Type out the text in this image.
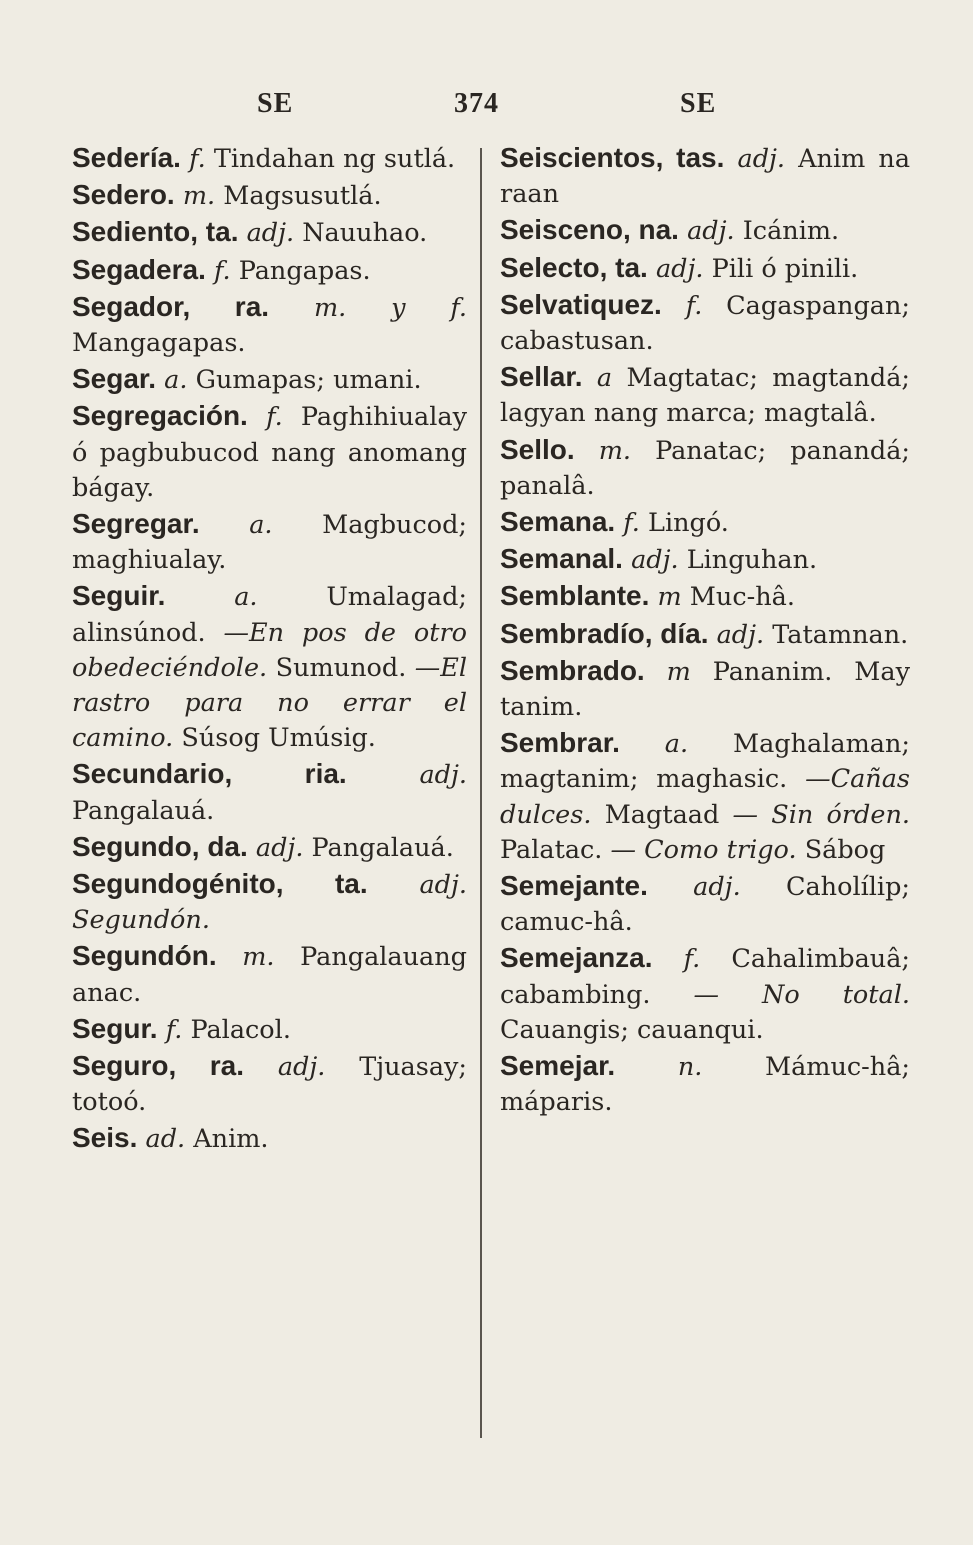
SE	374	SE

Sedería. f. Tindahan ng sutlá.

Sedero. m. Magsusutlá.

Sediento, ta. adj. Nauuhao.

Segadera. f. Pangapas.

Segador, ra. m. y f. Mangagapas.

Segar. a. Gumapas; umani.

Segregación. f. Paghihiualay ó pagbubucod nang anomang bágay.

Segregar. a. Magbucod; maghiualay.

Seguir.	a.	Umalagad; alinsúnod. —En pos de otro obedeciéndole. Sumunod. —El rastro para no errar el camino. Súsog Umúsig.

Secundario, ria.	adj. Pangalauá.

Segundo, da. adj. Pangalauá.

Segundogénito, ta. adj. Segundón.

Segundón. m. Pangalauang anac.

Segur. f. Palacol.

Seguro, ra. adj. Tjuasay; totoó.

Seis. ad. Anim.

Seiscientos, tas. adj. Anim na raan

Seisceno, na. adj. Icánim.

Selecto, ta. adj. Pili ó pinili.

Selvatiquez. f. Cagaspangan; cabastusan.

Sellar. a Magtatac; magtandá; lagyan nang marca; magtalâ.

Sello. m. Panatac; panandá; panalâ.

Semana. f. Lingó.

Semanal. adj. Linguhan.

Semblante. m Muc-hâ.

Sembradío, día. adj. Tatamnan.

Sembrado. m Pananim. May tanim.

Sembrar. a. Maghalaman; magtanim; maghasic. —Cañas dulces. Magtaad — Sin órden. Palatac. — Como trigo. Sábog

Semejante. adj. Caholílip; camuc-hâ.

Semejanza. f. Cahalimbauâ; cabambing. — No total. Cauangis; cauanqui.

Semejar. n. Mámuc-hâ; máparis.
